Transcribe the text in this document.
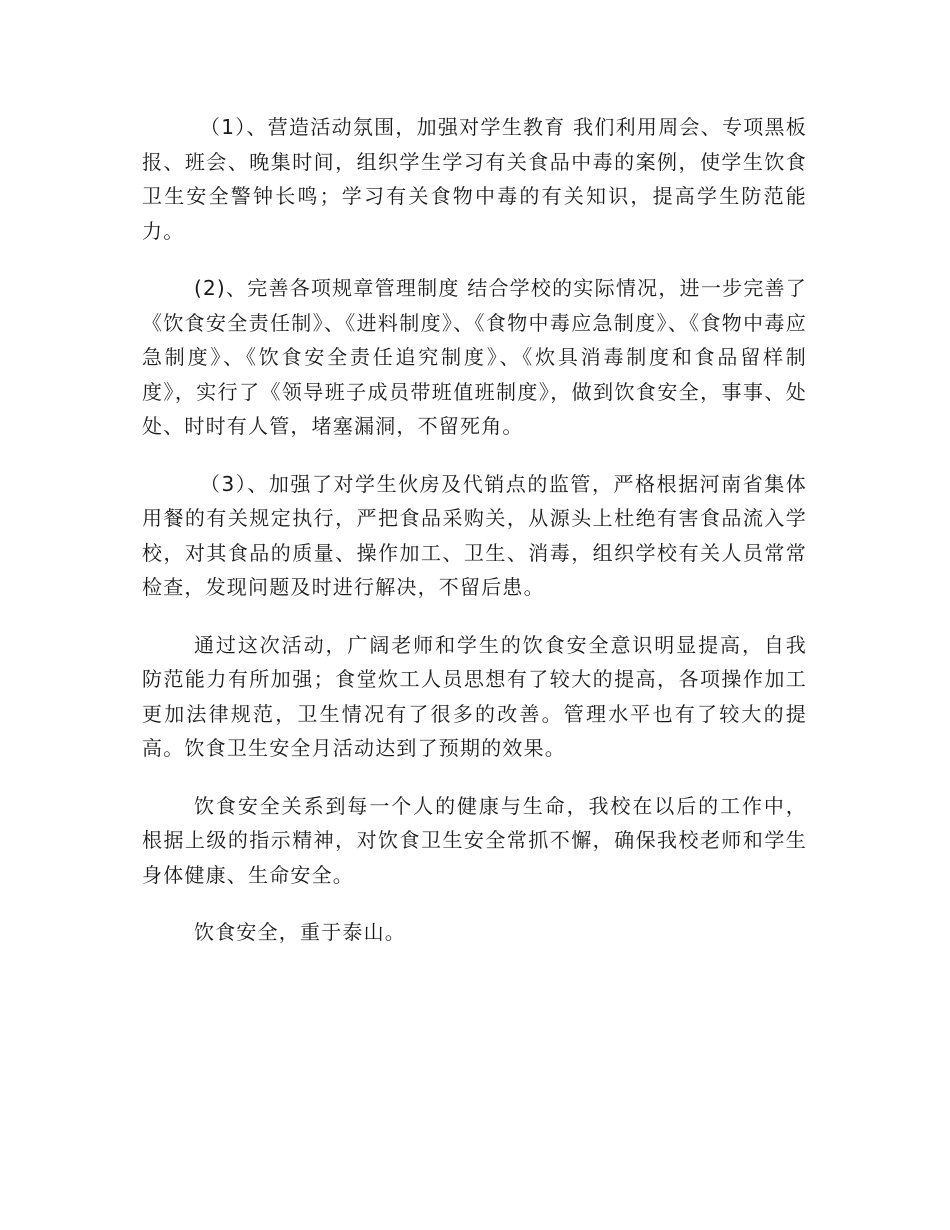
（1）、营造活动氛围，加强对学生教育 我们利用周会、专项黑板报、班会、晚集时间，组织学生学习有关食品中毒的案例，使学生饮食卫生安全警钟长鸣；学习有关食物中毒的有关知识，提高学生防范能力。

(2)、完善各项规章管理制度 结合学校的实际情况，进一步完善了《饮食安全责任制》、《进料制度》、《食物中毒应急制度》、《食物中毒应急制度》、《饮食安全责任追究制度》、《炊具消毒制度和食品留样制度》，实行了《领导班子成员带班值班制度》，做到饮食安全，事事、处处、时时有人管，堵塞漏洞，不留死角。

（3）、加强了对学生伙房及代销点的监管，严格根据河南省集体用餐的有关规定执行，严把食品采购关，从源头上杜绝有害食品流入学校，对其食品的质量、操作加工、卫生、消毒，组织学校有关人员常常检查，发现问题及时进行解决，不留后患。

通过这次活动，广阔老师和学生的饮食安全意识明显提高，自我防范能力有所加强；食堂炊工人员思想有了较大的提高，各项操作加工更加法律规范，卫生情况有了很多的改善。管理水平也有了较大的提高。饮食卫生安全月活动达到了预期的效果。

饮食安全关系到每一个人的健康与生命，我校在以后的工作中，根据上级的指示精神，对饮食卫生安全常抓不懈，确保我校老师和学生身体健康、生命安全。

饮食安全，重于泰山。
